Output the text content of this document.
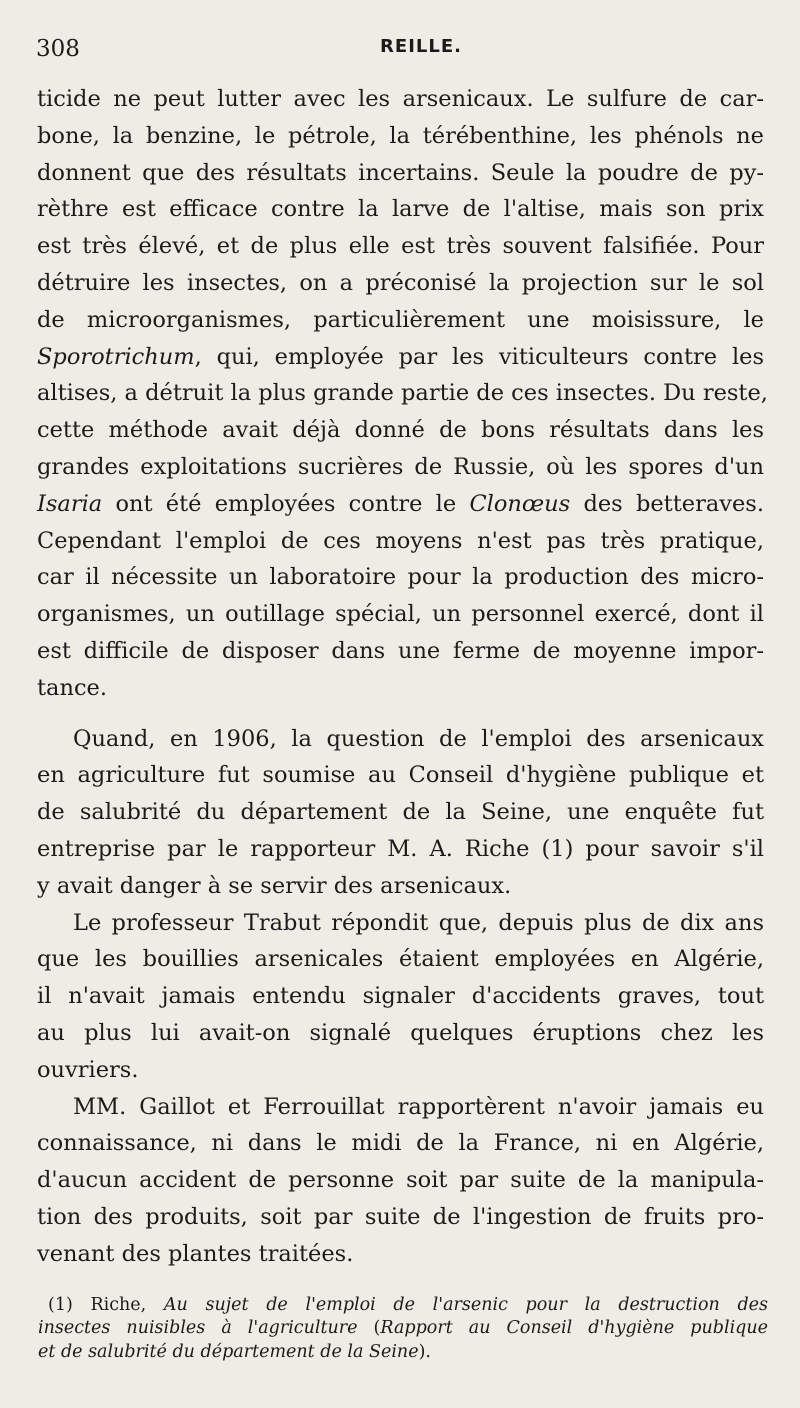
308	REILLE.
ticide ne peut lutter avec les arsenicaux. Le sulfure de car-
bone, la benzine, le pétrole, la térébenthine, les phénols ne
donnent que des résultats incertains. Seule la poudre de py-
rèthre est efficace contre la larve de l'altise, mais son prix
est très élevé, et de plus elle est très souvent falsifiée. Pour
détruire les insectes, on a préconisé la projection sur le sol
de microorganismes, particulièrement une moisissure, le
Sporotrichum, qui, employée par les viticulteurs contre les
altises, a détruit la plus grande partie de ces insectes. Du reste,
cette méthode avait déjà donné de bons résultats dans les
grandes exploitations sucrières de Russie, où les spores d'un
Isaria ont été employées contre le Clonœus des betteraves.
Cependant l'emploi de ces moyens n'est pas très pratique,
car il nécessite un laboratoire pour la production des micro-
organismes, un outillage spécial, un personnel exercé, dont il
est difficile de disposer dans une ferme de moyenne impor-
tance.
Quand, en 1906, la question de l'emploi des arsenicaux
en agriculture fut soumise au Conseil d'hygiène publique et
de salubrité du département de la Seine, une enquête fut
entreprise par le rapporteur M. A. Riche (1) pour savoir s'il
y avait danger à se servir des arsenicaux.
Le professeur Trabut répondit que, depuis plus de dix ans
que les bouillies arsenicales étaient employées en Algérie,
il n'avait jamais entendu signaler d'accidents graves, tout
au plus lui avait-on signalé quelques éruptions chez les
ouvriers.
MM. Gaillot et Ferrouillat rapportèrent n'avoir jamais eu
connaissance, ni dans le midi de la France, ni en Algérie,
d'aucun accident de personne soit par suite de la manipula-
tion des produits, soit par suite de l'ingestion de fruits pro-
venant des plantes traitées.
(1) Riche, Au sujet de l'emploi de l'arsenic pour la destruction des
insectes nuisibles à l'agriculture (Rapport au Conseil d'hygiène publique
et de salubrité du département de la Seine).
